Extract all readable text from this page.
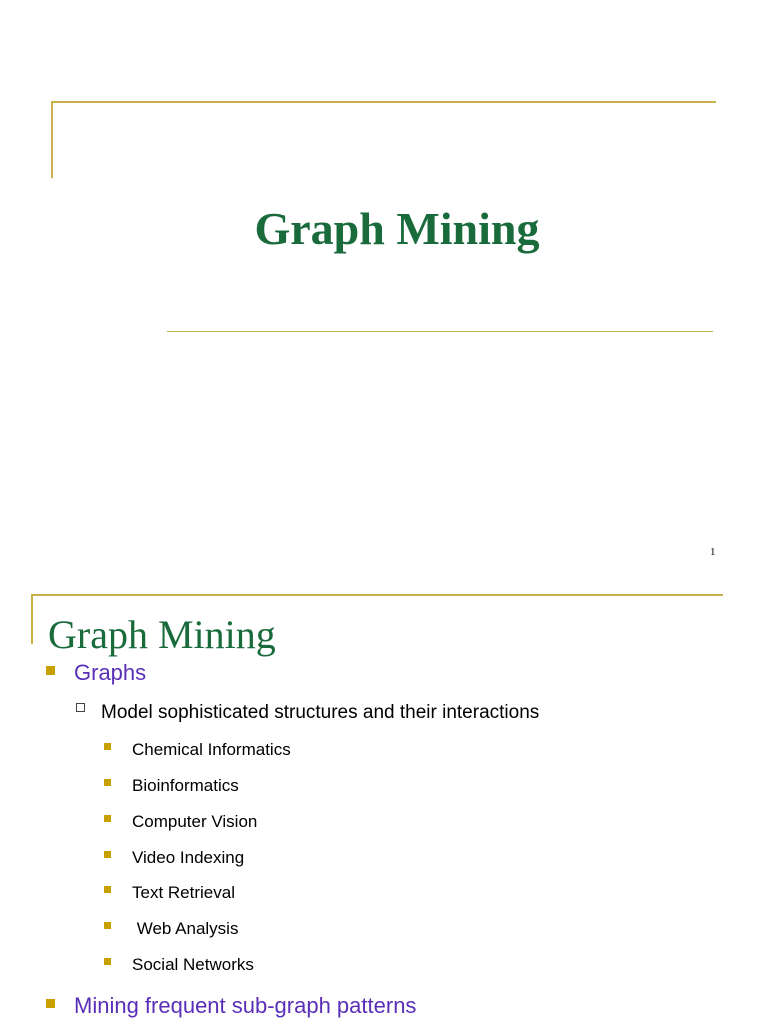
Graph Mining
1
Graph Mining
Graphs
Model sophisticated structures and their interactions
Chemical Informatics
Bioinformatics
Computer Vision
Video Indexing
Text Retrieval
Web Analysis
Social Networks
Mining frequent sub-graph patterns
